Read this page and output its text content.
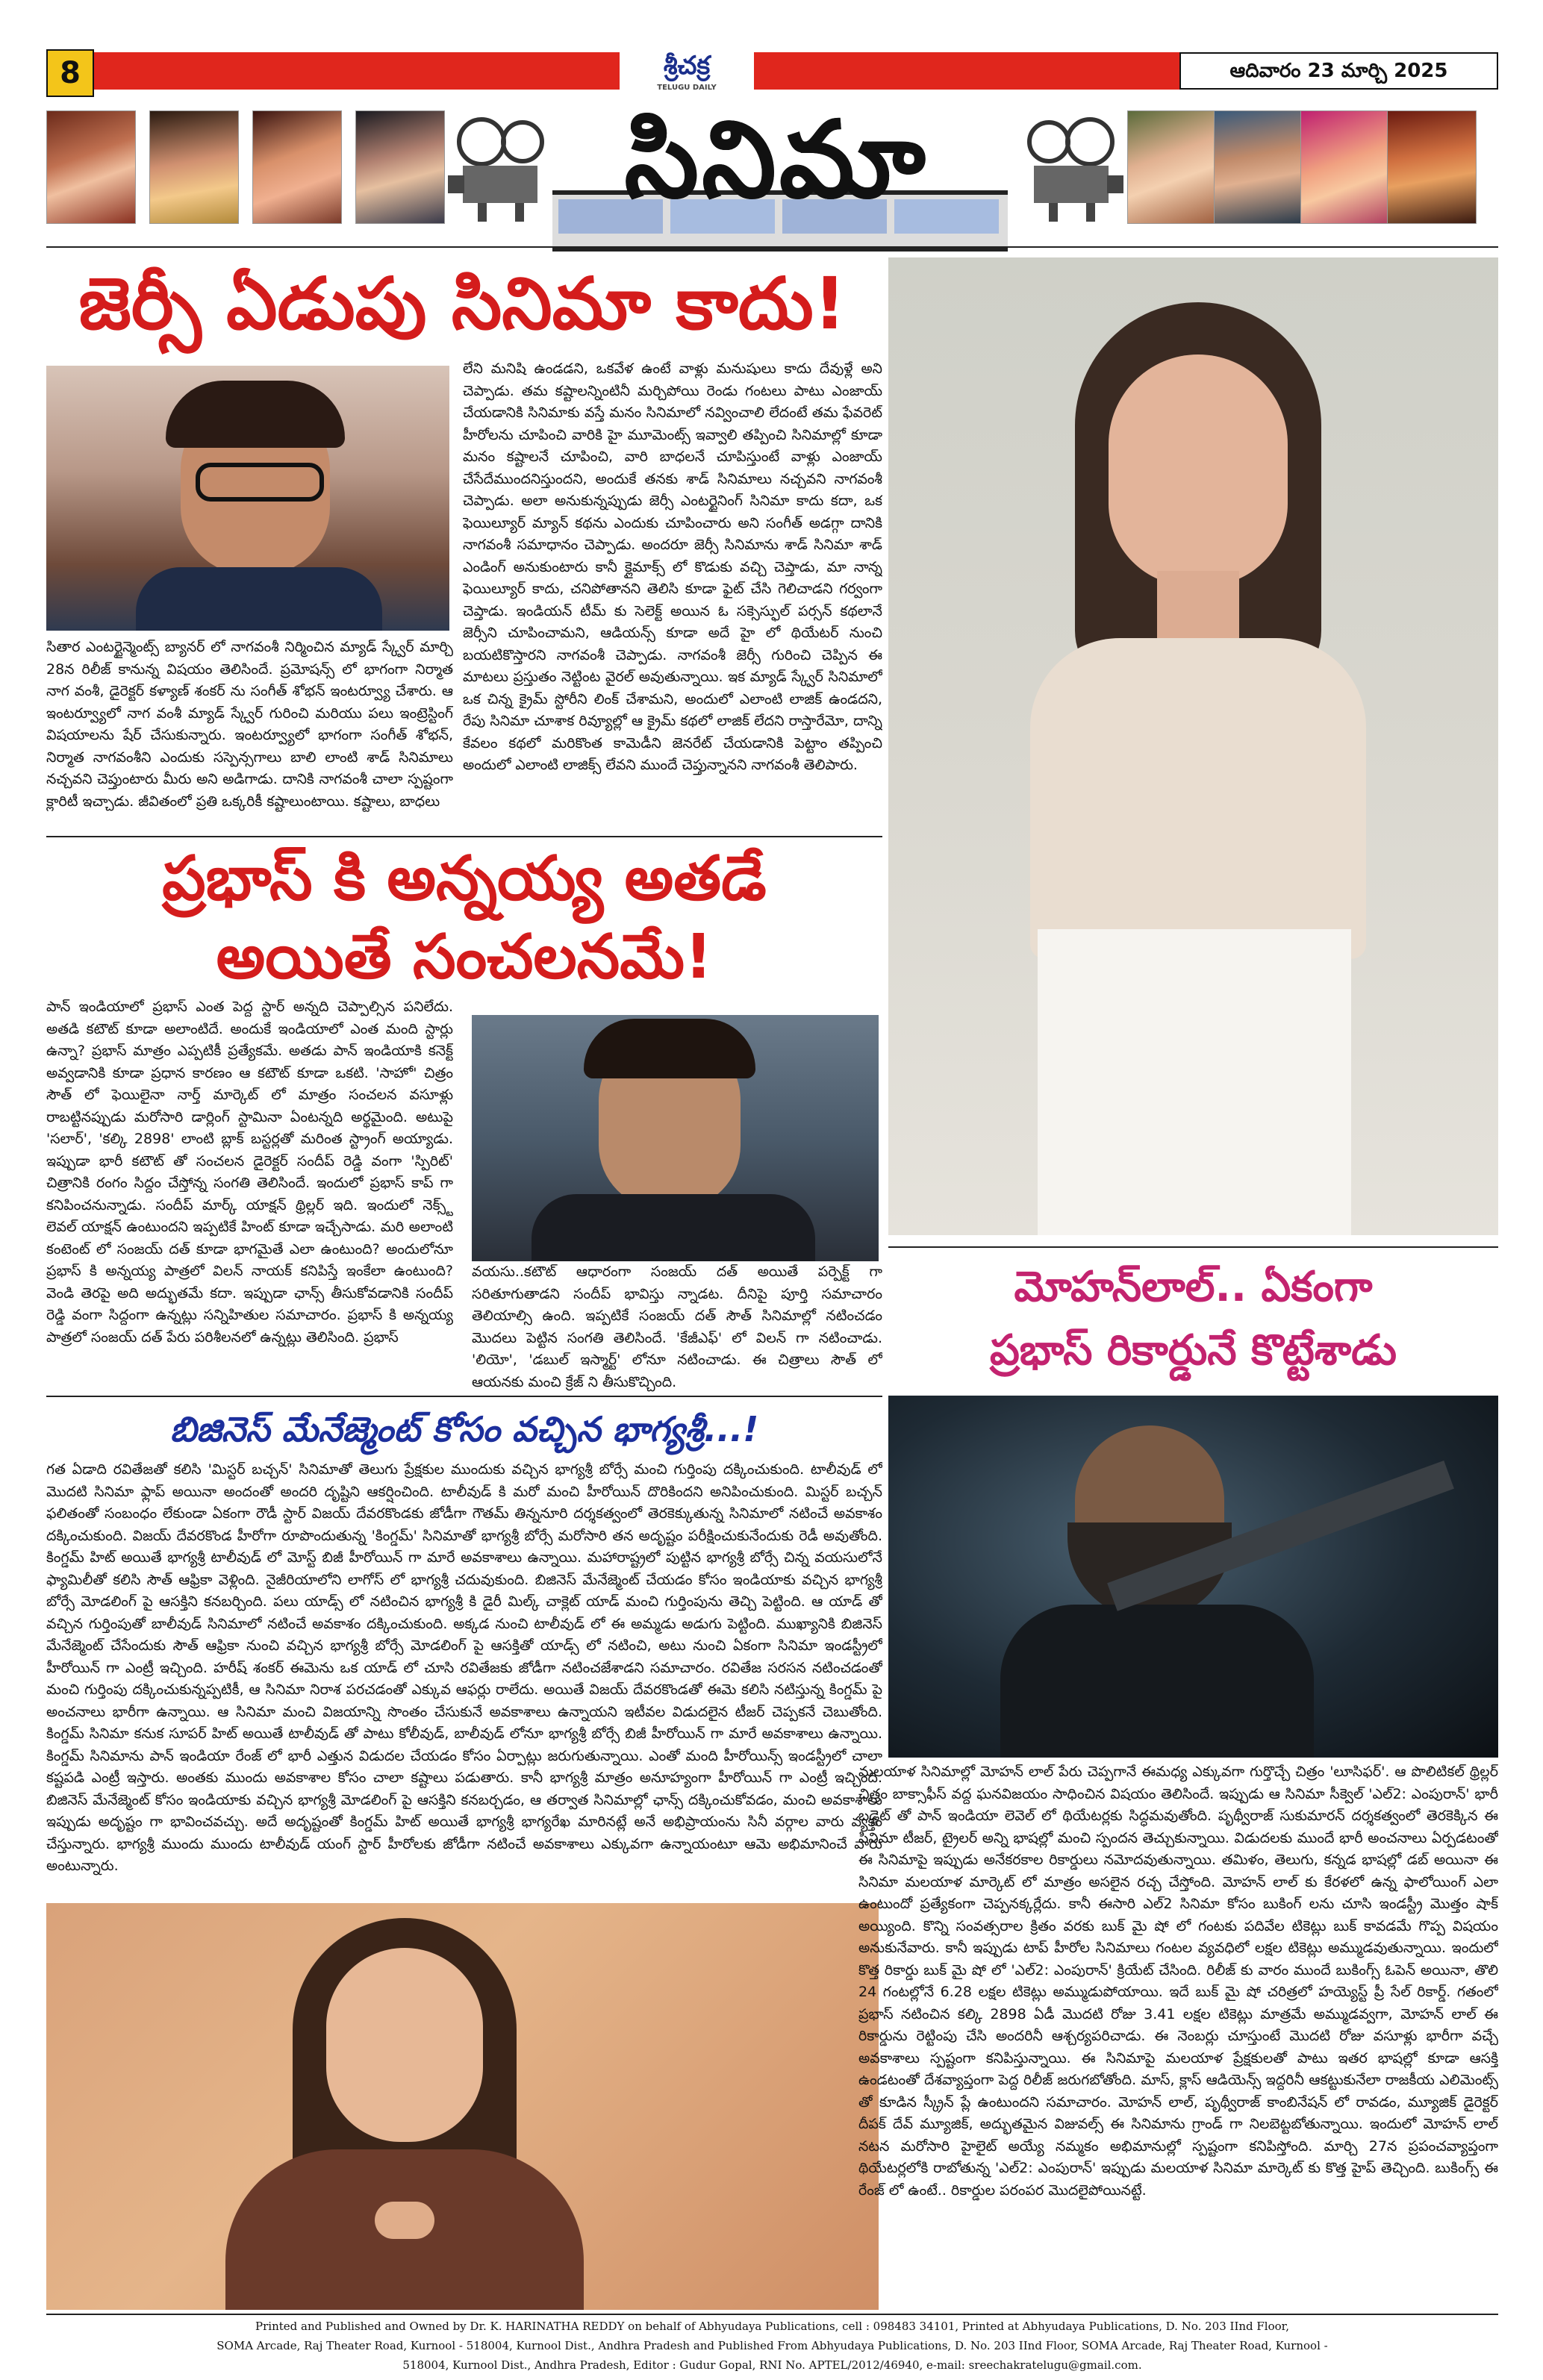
8	శ్రీచక్ర
TELUGU DAILY
ఆదివారం 23 మార్చి 2025
సినిమా
జెర్సీ ఏడుపు సినిమా కాదు!
సితార ఎంటర్టైన్మెంట్స్ బ్యానర్ లో నాగవంశీ నిర్మించిన మ్యాడ్ స్క్వేర్ మార్చి 28న రిలీజ్ కానున్న విషయం తెలిసిందే. ప్రమోషన్స్ లో భాగంగా నిర్మాత నాగ వంశీ, డైరెక్టర్ కళ్యాణ్ శంకర్ ను సంగీత్ శోభన్ ఇంటర్వ్యూ చేశారు. ఆ ఇంటర్వ్యూలో నాగ వంశీ మ్యాడ్ స్క్వేర్ గురించి మరియు పలు ఇంట్రెస్టింగ్ విషయాలను షేర్ చేసుకున్నారు. ఇంటర్వ్యూలో భాగంగా సంగీత్ శోభన్, నిర్మాత నాగవంశీని ఎందుకు సస్పెన్సగాలు బాలి లాంటి శాడ్ సినిమాలు నచ్చవని చెప్తుంటారు మీరు అని అడిగాడు. దానికి నాగవంశీ చాలా స్పష్టంగా క్లారిటీ ఇచ్చాడు. జీవితంలో ప్రతి ఒక్కరికీ కష్టాలుంటాయి. కష్టాలు, బాధలు
లేని మనిషి ఉండడని, ఒకవేళ ఉంటే వాళ్లు మనుషులు కాదు దేవుళ్లే అని చెప్పాడు. తమ కష్టాలన్నింటినీ మర్చిపోయి రెండు గంటలు పాటు ఎంజాయ్ చేయడానికి సినిమాకు వస్తే మనం సినిమాలో నవ్వించాలి లేదంటే తమ ఫేవరెట్ హీరోలను చూపించి వారికి హై మూమెంట్స్ ఇవ్వాలి తప్పించి సినిమాల్లో కూడా మనం కష్టాలనే చూపించి, వారి బాధలనే చూపిస్తుంటే వాళ్లు ఎంజాయ్ చేసేదేముందనిస్తుందని, అందుకే తనకు శాడ్ సినిమాలు నచ్చవని నాగవంశీ చెప్పాడు. అలా అనుకున్నప్పుడు జెర్సీ ఎంటర్టైనింగ్ సినిమా కాదు కదా, ఒక ఫెయిల్యూర్ మ్యాన్ కథను ఎందుకు చూపించారు అని సంగీత్ అడగ్గా దానికి నాగవంశీ సమాధానం చెప్పాడు. అందరూ జెర్సీ సినిమాను శాడ్ సినిమా శాడ్ ఎండింగ్ అనుకుంటారు కానీ క్లైమాక్స్ లో కొడుకు వచ్చి చెప్తాడు, మా నాన్న ఫెయిల్యూర్ కాదు, చనిపోతానని తెలిసి కూడా ఫైట్ చేసి గెలిచాడని గర్వంగా చెప్తాడు. ఇండియన్ టీమ్ కు సెలెక్ట్ అయిన ఓ సక్సెస్ఫుల్ పర్సన్ కథలానే జెర్సీని చూపించామని, ఆడియన్స్ కూడా అదే హై లో థియేటర్ నుంచి బయటికొస్తారని నాగవంశీ చెప్పాడు. నాగవంశీ జెర్సీ గురించి చెప్పిన ఈ మాటలు ప్రస్తుతం నెట్టింట వైరల్ అవుతున్నాయి. ఇక మ్యాడ్ స్క్వేర్ సినిమాలో ఒక చిన్న క్రైమ్ స్టోరీని లింక్ చేశామని, అందులో ఎలాంటి లాజిక్ ఉండదని, రేపు సినిమా చూశాక రివ్యూల్లో ఆ క్రైమ్ కథలో లాజిక్ లేదని రాస్తారేమో, దాన్ని కేవలం కథలో మరికొంత కామెడీని జెనరేట్ చేయడానికి పెట్టాం తప్పించి అందులో ఎలాంటి లాజిక్స్ లేవని ముందే చెప్తున్నానని నాగవంశీ తెలిపారు.
ప్రభాస్ కి అన్నయ్య అతడే
అయితే సంచలనమే!
పాన్ ఇండియాలో ప్రభాస్ ఎంత పెద్ద స్టార్ అన్నది చెప్పాల్సిన పనిలేదు. అతడి కటౌట్ కూడా అలాంటిదే. అందుకే ఇండియాలో ఎంత మంది స్టార్లు ఉన్నా? ప్రభాస్ మాత్రం ఎప్పటికీ ప్రత్యేకమే. అతడు పాన్ ఇండియాకి కనెక్ట్ అవ్వడానికి కూడా ప్రధాన కారణం ఆ కటౌట్ కూడా ఒకటి. 'సాహో' చిత్రం సౌత్ లో ఫెయిలైనా నార్త్ మార్కెట్ లో మాత్రం సంచలన వసూళ్లు రాబట్టినప్పుడు మరోసారి డార్లింగ్ స్టామినా ఏంటన్నది అర్థమైంది. అటుపై 'సలార్', 'కల్కి 2898' లాంటి బ్లాక్ బస్టర్లతో మరింత స్ట్రాంగ్ అయ్యాడు. ఇప్పుడా భారీ కటౌట్ తో సంచలన డైరెక్టర్ సందీప్ రెడ్డి వంగా 'స్పిరిట్' చిత్రానికి రంగం సిద్దం చేస్తోన్న సంగతి తెలిసిందే. ఇందులో ప్రభాస్ కాప్ గా కనిపించనున్నాడు. సందీప్ మార్క్ యాక్షన్ థ్రిల్లర్ ఇది. ఇందులో నెక్స్ట్ లెవల్ యాక్షన్ ఉంటుందని ఇప్పటికే హింట్ కూడా ఇచ్చేసాడు. మరి అలాంటి కంటెంట్ లో సంజయ్ దత్ కూడా భాగమైతే ఎలా ఉంటుంది? అందులోనూ ప్రభాస్ కి అన్నయ్య పాత్రలో విలన్ నాయక్ కనిపిస్తే ఇంకేలా ఉంటుంది? వెండి తెరపై అది అద్భుతమే కదా. ఇప్పుడా ఛాన్స్ తీసుకోవడానికి సందీప్ రెడ్డి వంగా సిద్దంగా ఉన్నట్లు సన్నిహితుల సమాచారం. ప్రభాస్ కి అన్నయ్య పాత్రలో సంజయ్ దత్ పేరు పరిశీలనలో ఉన్నట్లు తెలిసింది. ప్రభాస్
వయసు..కటౌట్ ఆధారంగా సంజయ్ దత్ అయితే పర్పెక్ట్ గా సరితూగుతాడని సందీప్ భావిస్తు న్నాడట. దీనిపై పూర్తి సమాచారం తెలియాల్సి ఉంది. ఇప్పటికే సంజయ్ దత్ సౌత్ సినిమాల్లో నటించడం మొదలు పెట్టిన సంగతి తెలిసిందే. 'కేజీఎఫ్' లో విలన్ గా నటించాడు. 'లియో', 'డబుల్ ఇస్మార్ట్' లోనూ నటించాడు. ఈ చిత్రాలు సౌత్ లో ఆయనకు మంచి క్రేజ్ ని తీసుకొచ్చింది.
మోహన్‌లాల్.. ఏకంగా
ప్రభాస్ రికార్డునే కొట్టేశాడు
బిజినెస్ మేనేజ్మెంట్ కోసం వచ్చిన భాగ్యశ్రీ...!
గత ఏడాది రవితేజతో కలిసి 'మిస్టర్ బచ్చన్' సినిమాతో తెలుగు ప్రేక్షకుల ముందుకు వచ్చిన భాగ్యశ్రీ బోర్సే మంచి గుర్తింపు దక్కించుకుంది. టాలీవుడ్ లో మొదటి సినిమా ఫ్లాప్ అయినా అందంతో అందరి దృష్టిని ఆకర్షించింది. టాలీవుడ్ కి మరో మంచి హీరోయిన్ దొరికిందని అనిపించుకుంది. మిస్టర్ బచ్చన్ ఫలితంతో సంబంధం లేకుండా ఏకంగా రౌడీ స్టార్ విజయ్ దేవరకొండకు జోడీగా గౌతమ్ తిన్ననూరి దర్శకత్వంలో తెరకెక్కుతున్న సినిమాలో నటించే అవకాశం దక్కించుకుంది. విజయ్ దేవరకొండ హీరోగా రూపొందుతున్న 'కింగ్డమ్' సినిమాతో భాగ్యశ్రీ బోర్సే మరోసారి తన అదృష్టం పరీక్షించుకునేందుకు రెడీ అవుతోంది. కింగ్డమ్ హిట్ అయితే భాగ్యశ్రీ టాలీవుడ్ లో మోస్ట్ బిజీ హీరోయిన్ గా మారే అవకాశాలు ఉన్నాయి. మహారాష్ట్రలో పుట్టిన భాగ్యశ్రీ బోర్సే చిన్న వయసులోనే ఫ్యామిలీతో కలిసి సౌత్ ఆఫ్రికా వెళ్లింది. నైజీరియాలోని లాగోస్ లో భాగ్యశ్రీ చదువుకుంది. బిజినెస్ మేనేజ్మెంట్ చేయడం కోసం ఇండియాకు వచ్చిన భాగ్యశ్రీ బోర్సే మోడలింగ్ పై ఆసక్తిని కనబర్చింది. పలు యాడ్స్ లో నటించిన భాగ్యశ్రీ కి డైరీ మిల్క్ చాక్లెట్ యాడ్ మంచి గుర్తింపును తెచ్చి పెట్టింది. ఆ యాడ్ తో వచ్చిన గుర్తింపుతో బాలీవుడ్ సినిమాలో నటించే అవకాశం దక్కించుకుంది. అక్కడ నుంచి టాలీవుడ్ లో ఈ అమ్మడు అడుగు పెట్టింది. ముఖ్యానికి బిజినెస్ మేనేజ్మెంట్ చేసేందుకు సౌత్ ఆఫ్రికా నుంచి వచ్చిన భాగ్యశ్రీ బోర్సే మోడలింగ్ పై ఆసక్తితో యాడ్స్ లో నటించి, అటు నుంచి ఏకంగా సినిమా ఇండస్ట్రీలో హీరోయిన్ గా ఎంట్రీ ఇచ్చింది. హరీష్ శంకర్ ఈమెను ఒక యాడ్ లో చూసి రవితేజకు జోడీగా నటించజేశాడని సమాచారం. రవితేజ సరసన నటించడంతో మంచి గుర్తింపు దక్కించుకున్నప్పటికీ, ఆ సినిమా నిరాశ పరచడంతో ఎక్కువ ఆఫర్లు రాలేదు. అయితే విజయ్ దేవరకొండతో ఈమె కలిసి నటిస్తున్న కింగ్డమ్ పై అంచనాలు భారీగా ఉన్నాయి. ఆ సినిమా మంచి విజయాన్ని సొంతం చేసుకునే అవకాశాలు ఉన్నాయని ఇటీవల విడుదలైన టీజర్ చెప్పకనే చెబుతోంది. కింగ్డమ్ సినిమా కనుక సూపర్ హిట్ అయితే టాలీవుడ్ తో పాటు కోలీవుడ్, బాలీవుడ్ లోనూ భాగ్యశ్రీ బోర్సే బిజీ హీరోయిన్ గా మారే అవకాశాలు ఉన్నాయి. కింగ్డమ్ సినిమాను పాన్ ఇండియా రేంజ్ లో భారీ ఎత్తున విడుదల చేయడం కోసం ఏర్పాట్లు జరుగుతున్నాయి. ఎంతో మంది హీరోయిన్స్ ఇండస్ట్రీలో చాలా కష్టపడి ఎంట్రీ ఇస్తారు. అంతకు ముందు అవకాశాల కోసం చాలా కష్టాలు పడుతారు. కానీ భాగ్యశ్రీ మాత్రం అనూహ్యంగా హీరోయిన్ గా ఎంట్రీ ఇచ్చింది. బిజినెస్ మేనేజ్మెంట్ కోసం ఇండియాకు వచ్చిన భాగ్యశ్రీ మోడలింగ్ పై ఆసక్తిని కనబర్చడం, ఆ తర్వాత సినిమాల్లో ఛాన్స్ దక్కించుకోవడం, మంచి అవకాశాలు ఇప్పుడు అదృష్టం గా భావించవచ్చు. అదే అదృష్టంతో కింగ్డమ్ హిట్ అయితే భాగ్యశ్రీ భాగ్యరేఖ మారినట్లే అనే అభిప్రాయంను సినీ వర్గాల వారు వ్యక్తం చేస్తున్నారు. భాగ్యశ్రీ ముందు ముందు టాలీవుడ్ యంగ్ స్టార్ హీరోలకు జోడీగా నటించే అవకాశాలు ఎక్కువగా ఉన్నాయంటూ ఆమె అభిమానించే వారు అంటున్నారు.
మలయాళ సినిమాల్లో మోహన్ లాల్ పేరు చెప్పగానే ఈమధ్య ఎక్కువగా గుర్తొచ్చే చిత్రం 'లూసిఫర్'. ఆ పొలిటికల్ థ్రిల్లర్ చిత్రం బాక్సాఫీస్ వద్ద ఘనవిజయం సాధించిన విషయం తెలిసిందే. ఇప్పుడు ఆ సినిమా సీక్వెల్ 'ఎల్2: ఎంపురాన్' భారీ బడ్జెట్ తో పాన్ ఇండియా లెవెల్ లో థియేటర్లకు సిద్ధమవుతోంది. పృథ్వీరాజ్ సుకుమారన్ దర్శకత్వంలో తెరకెక్కిన ఈ సినిమా టీజర్, ట్రైలర్ అన్ని భాషల్లో మంచి స్పందన తెచ్చుకున్నాయి. విడుదలకు ముందే భారీ అంచనాలు ఏర్పడటంతో ఈ సినిమాపై ఇప్పుడు అనేకరకాల రికార్డులు నమోదవుతున్నాయి. తమిళం, తెలుగు, కన్నడ భాషల్లో డబ్ అయినా ఈ సినిమా మలయాళ మార్కెట్ లో మాత్రం అసలైన రచ్చ చేస్తోంది. మోహన్ లాల్ కు కేరళలో ఉన్న ఫాలోయింగ్ ఎలా ఉంటుందో ప్రత్యేకంగా చెప్పనక్కర్లేదు. కానీ ఈసారి ఎల్2 సినిమా కోసం బుకింగ్ లను చూసి ఇండస్ట్రీ మొత్తం షాక్ అయ్యింది. కొన్ని సంవత్సరాల క్రితం వరకు బుక్ మై షో లో గంటకు పదివేల టికెట్లు బుక్ కావడమే గొప్ప విషయం అనుకునేవారు. కానీ ఇప్పుడు టాప్ హీరోల సినిమాలు గంటల వ్యవధిలో లక్షల టికెట్లు అమ్ముడవుతున్నాయి. ఇందులో కొత్త రికార్డు బుక్ మై షో లో 'ఎల్2: ఎంపురాన్' క్రియేట్ చేసింది. రిలీజ్ కు వారం ముందే బుకింగ్స్ ఓపెన్ అయినా, తొలి 24 గంటల్లోనే 6.28 లక్షల టికెట్లు అమ్ముడుపోయాయి. ఇదే బుక్ మై షో చరిత్రలో హయ్యెస్ట్ ప్రీ సేల్ రికార్డ్. గతంలో ప్రభాస్ నటించిన కల్కి 2898 ఏడీ మొదటి రోజు 3.41 లక్షల టికెట్లు మాత్రమే అమ్ముడవ్వగా, మోహన్ లాల్ ఈ రికార్డును రెట్టింపు చేసి అందరినీ ఆశ్చర్యపరిచాడు. ఈ నెంబర్లు చూస్తుంటే మొదటి రోజు వసూళ్లు భారీగా వచ్చే అవకాశాలు స్పష్టంగా కనిపిస్తున్నాయి. ఈ సినిమాపై మలయాళ ప్రేక్షకులతో పాటు ఇతర భాషల్లో కూడా ఆసక్తి ఉండటంతో దేశవ్యాప్తంగా పెద్ద రిలీజ్ జరుగబోతోంది. మాస్, క్లాస్ ఆడియెన్స్ ఇద్దరినీ ఆకట్టుకునేలా రాజకీయ ఎలిమెంట్స్ తో కూడిన స్క్రీన్ ప్లే ఉంటుందని సమాచారం. మోహన్ లాల్, పృథ్వీరాజ్ కాంబినేషన్ లో రావడం, మ్యూజిక్ డైరెక్టర్ దీపక్ దేవ్ మ్యూజిక్, అద్భుతమైన విజువల్స్ ఈ సినిమాను గ్రాండ్ గా నిలబెట్టబోతున్నాయి. ఇందులో మోహన్ లాల్ నటన మరోసారి హైలైట్ అయ్యే నమ్మకం అభిమానుల్లో స్పష్టంగా కనిపిస్తోంది. మార్చి 27న ప్రపంచవ్యాప్తంగా థియేటర్లలోకి రాబోతున్న 'ఎల్2: ఎంపురాన్' ఇప్పుడు మలయాళ సినిమా మార్కెట్ కు కొత్త హైప్ తెచ్చింది. బుకింగ్స్ ఈ రేంజ్ లో ఉంటే.. రికార్డుల పరంపర మొదలైపోయినట్టే.
Printed and Published and Owned by Dr. K. HARINATHA REDDY on behalf of Abhyudaya Publications, cell : 098483 34101, Printed at Abhyudaya Publications, D. No. 203 IInd Floor,
SOMA Arcade, Raj Theater Road, Kurnool - 518004, Kurnool Dist., Andhra Pradesh and Published From Abhyudaya Publications, D. No. 203 IInd Floor, SOMA Arcade, Raj Theater Road, Kurnool -
518004, Kurnool Dist., Andhra Pradesh, Editor : Gudur Gopal, RNI No. APTEL/2012/46940, e-mail: sreechakratelugu@gmail.com.
